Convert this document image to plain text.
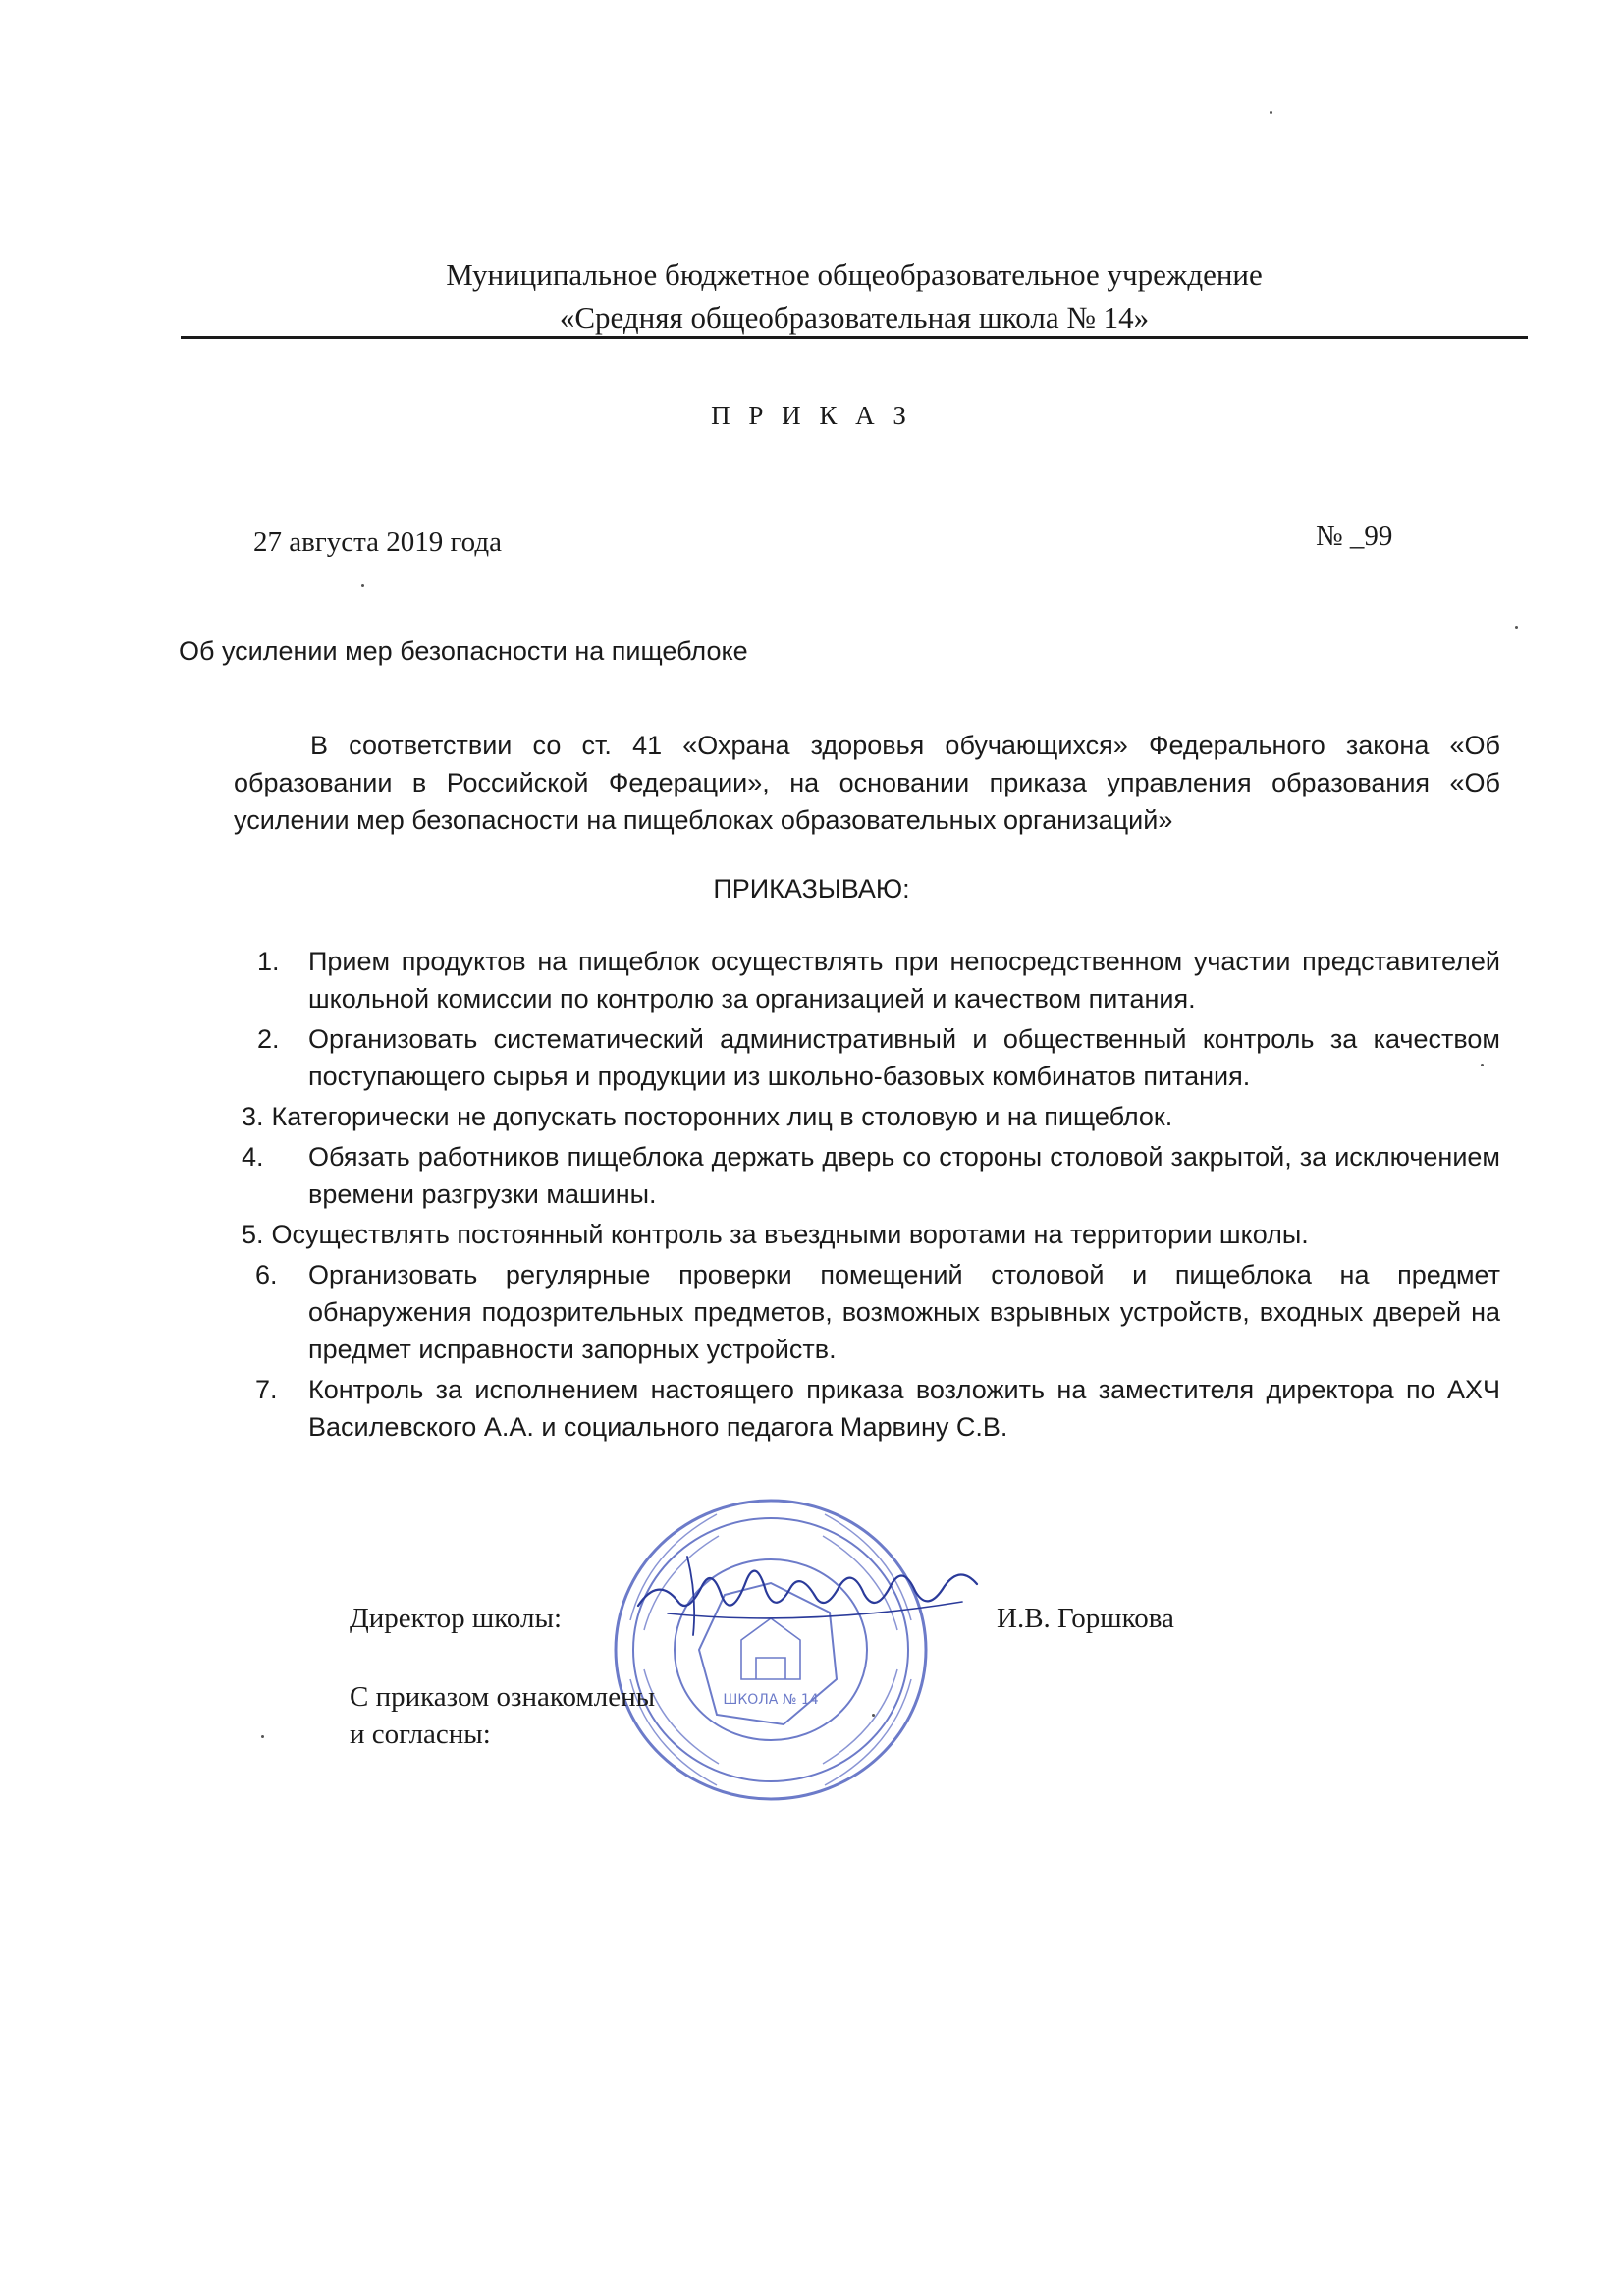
Муниципальное бюджетное общеобразовательное учреждение
«Средняя общеобразовательная школа № 14»
П Р И К А З
27 августа 2019 года	№ _99
Об усилении мер безопасности на пищеблоке
В соответствии со ст. 41 «Охрана здоровья обучающихся» Федерального закона «Об образовании в Российской Федерации», на основании приказа управления образования «Об усилении мер безопасности на пищеблоках образовательных организаций»
ПРИКАЗЫВАЮ:
1.	Прием продуктов на пищеблок осуществлять при непосредственном участии представителей школьной комиссии по контролю за организацией и качеством питания.
2.	Организовать систематический административный и общественный контроль за качеством поступающего сырья и продукции из школьно-базовых комбинатов питания.
3. Категорически не допускать посторонних лиц в столовую и на пищеблок.
4.	Обязать работников пищеблока держать дверь со стороны столовой закрытой, за исключением времени разгрузки машины.
5. Осуществлять постоянный контроль за въездными воротами на территории школы.
6.	Организовать регулярные проверки помещений столовой и пищеблока на предмет обнаружения подозрительных предметов, возможных взрывных устройств, входных дверей на предмет исправности запорных устройств.
7.	Контроль за исполнением настоящего приказа возложить на заместителя директора по АХЧ Василевского А.А. и социального педагога Марвину С.В.
ШКОЛА № 14
Директор школы:	И.В. Горшкова
С приказом ознакомлены
и согласны:
